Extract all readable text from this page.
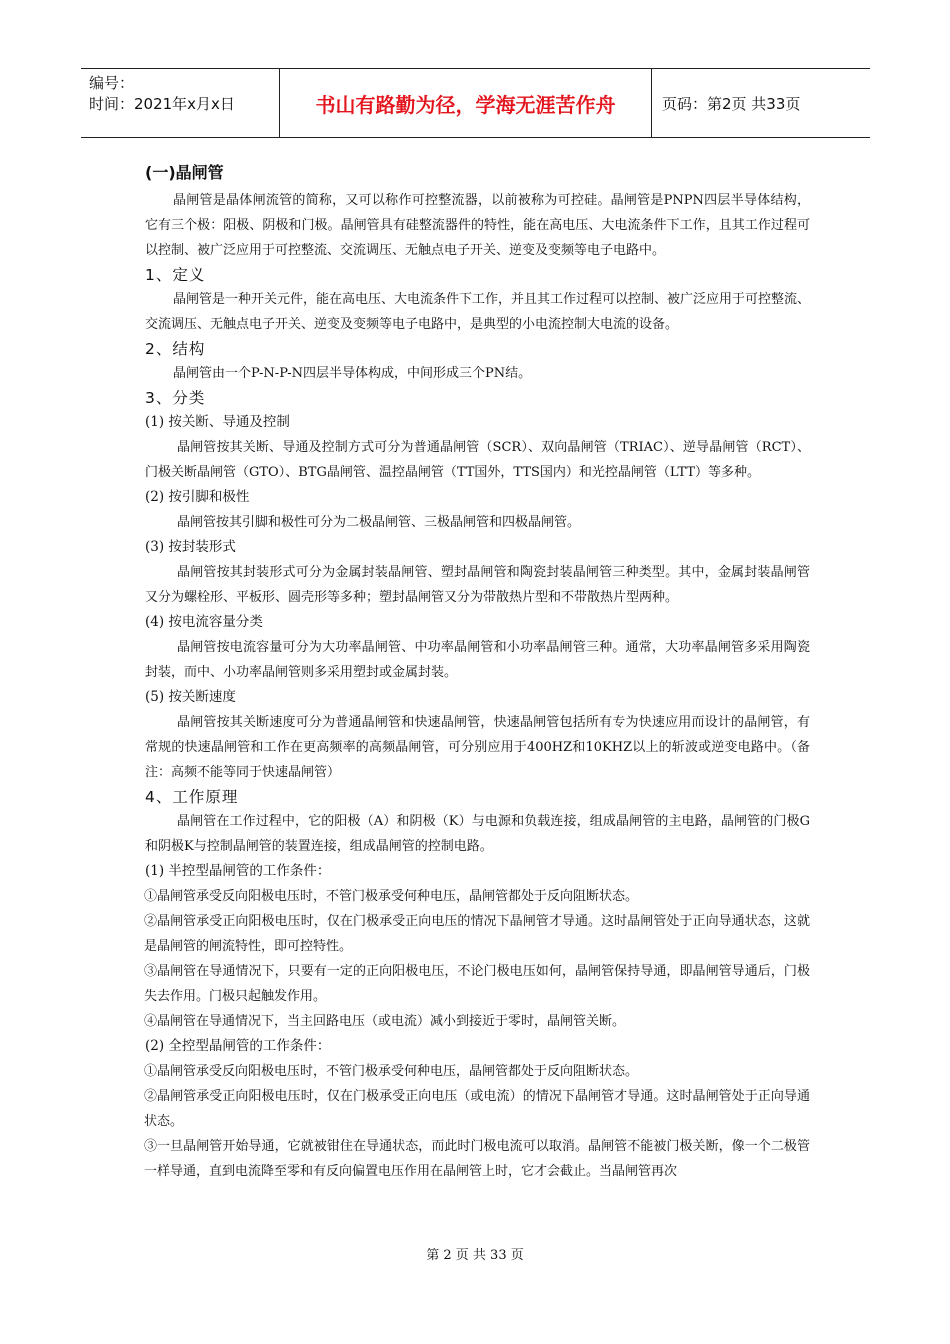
编号：
时间：2021年x月x日	书山有路勤为径，学海无涯苦作舟	页码：第2页 共33页

(一)晶闸管

晶闸管是晶体闸流管的简称，又可以称作可控整流器，以前被称为可控硅。晶闸管是PNPN四层半导体结构，它有三个极：阳极、阴极和门极。晶闸管具有硅整流器件的特性，能在高电压、大电流条件下工作，且其工作过程可以控制、被广泛应用于可控整流、交流调压、无触点电子开关、逆变及变频等电子电路中。

1、定义

晶闸管是一种开关元件，能在高电压、大电流条件下工作，并且其工作过程可以控制、被广泛应用于可控整流、交流调压、无触点电子开关、逆变及变频等电子电路中，是典型的小电流控制大电流的设备。

2、结构

晶闸管由一个P-N-P-N四层半导体构成，中间形成三个PN结。

3、分类

(1) 按关断、导通及控制

晶闸管按其关断、导通及控制方式可分为普通晶闸管（SCR）、双向晶闸管（TRIAC）、逆导晶闸管（RCT）、门极关断晶闸管（GTO）、BTG晶闸管、温控晶闸管（TT国外，TTS国内）和光控晶闸管（LTT）等多种。

(2) 按引脚和极性

晶闸管按其引脚和极性可分为二极晶闸管、三极晶闸管和四极晶闸管。

(3) 按封装形式

晶闸管按其封装形式可分为金属封装晶闸管、塑封晶闸管和陶瓷封装晶闸管三种类型。其中，金属封装晶闸管又分为螺栓形、平板形、圆壳形等多种；塑封晶闸管又分为带散热片型和不带散热片型两种。

(4) 按电流容量分类

晶闸管按电流容量可分为大功率晶闸管、中功率晶闸管和小功率晶闸管三种。通常，大功率晶闸管多采用陶瓷封装，而中、小功率晶闸管则多采用塑封或金属封装。

(5) 按关断速度

晶闸管按其关断速度可分为普通晶闸管和快速晶闸管，快速晶闸管包括所有专为快速应用而设计的晶闸管，有常规的快速晶闸管和工作在更高频率的高频晶闸管，可分别应用于400HZ和10KHZ以上的斩波或逆变电路中。（备注：高频不能等同于快速晶闸管）

4、工作原理

晶闸管在工作过程中，它的阳极（A）和阴极（K）与电源和负载连接，组成晶闸管的主电路，晶闸管的门极G和阴极K与控制晶闸管的装置连接，组成晶闸管的控制电路。

(1) 半控型晶闸管的工作条件：

①晶闸管承受反向阳极电压时，不管门极承受何种电压，晶闸管都处于反向阻断状态。

②晶闸管承受正向阳极电压时，仅在门极承受正向电压的情况下晶闸管才导通。这时晶闸管处于正向导通状态，这就是晶闸管的闸流特性，即可控特性。

③晶闸管在导通情况下，只要有一定的正向阳极电压，不论门极电压如何，晶闸管保持导通，即晶闸管导通后，门极失去作用。门极只起触发作用。

④晶闸管在导通情况下，当主回路电压（或电流）减小到接近于零时，晶闸管关断。

(2) 全控型晶闸管的工作条件：

①晶闸管承受反向阳极电压时，不管门极承受何种电压，晶闸管都处于反向阻断状态。

②晶闸管承受正向阳极电压时，仅在门极承受正向电压（或电流）的情况下晶闸管才导通。这时晶闸管处于正向导通状态。

③一旦晶闸管开始导通，它就被钳住在导通状态，而此时门极电流可以取消。晶闸管不能被门极关断，像一个二极管一样导通，直到电流降至零和有反向偏置电压作用在晶闸管上时，它才会截止。当晶闸管再次

第 2 页 共 33 页
